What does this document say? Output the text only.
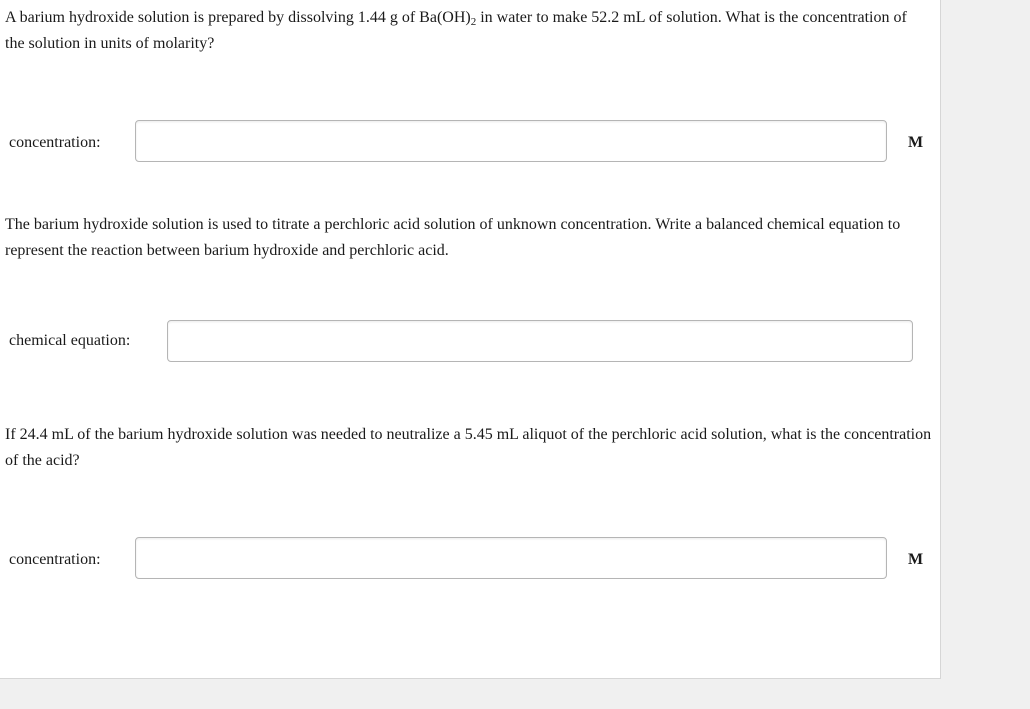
A barium hydroxide solution is prepared by dissolving 1.44 g of $Ba(OH)_2$ in water to make 52.2 mL of solution. What is the concentration of the solution in units of molarity?
concentration:	M
The barium hydroxide solution is used to titrate a perchloric acid solution of unknown concentration. Write a balanced chemical equation to represent the reaction between barium hydroxide and perchloric acid.
chemical equation:
If 24.4 mL of the barium hydroxide solution was needed to neutralize a 5.45 mL aliquot of the perchloric acid solution, what is the concentration of the acid?
concentration:	M
